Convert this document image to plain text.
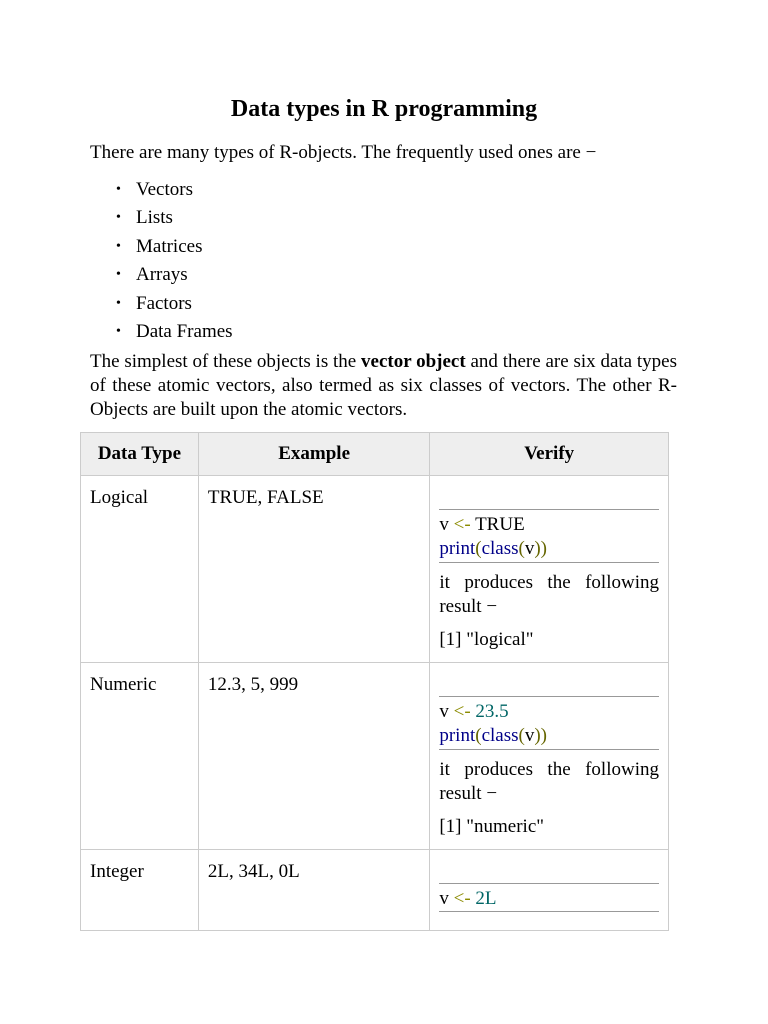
Data types in R programming

There are many types of R-objects. The frequently used ones are −

• Vectors
• Lists
• Matrices
• Arrays
• Factors
• Data Frames

The simplest of these objects is the vector object and there are six data types of these atomic vectors, also termed as six classes of vectors. The other R-Objects are built upon the atomic vectors.

Data Type	Example	Verify

Logical	TRUE, FALSE	v <- TRUE
print(class(v))

it produces the following result −

[1] "logical"

Numeric	12.3, 5, 999	v <- 23.5
print(class(v))

it produces the following result −

[1] "numeric"

Integer	2L, 34L, 0L	v <- 2L
